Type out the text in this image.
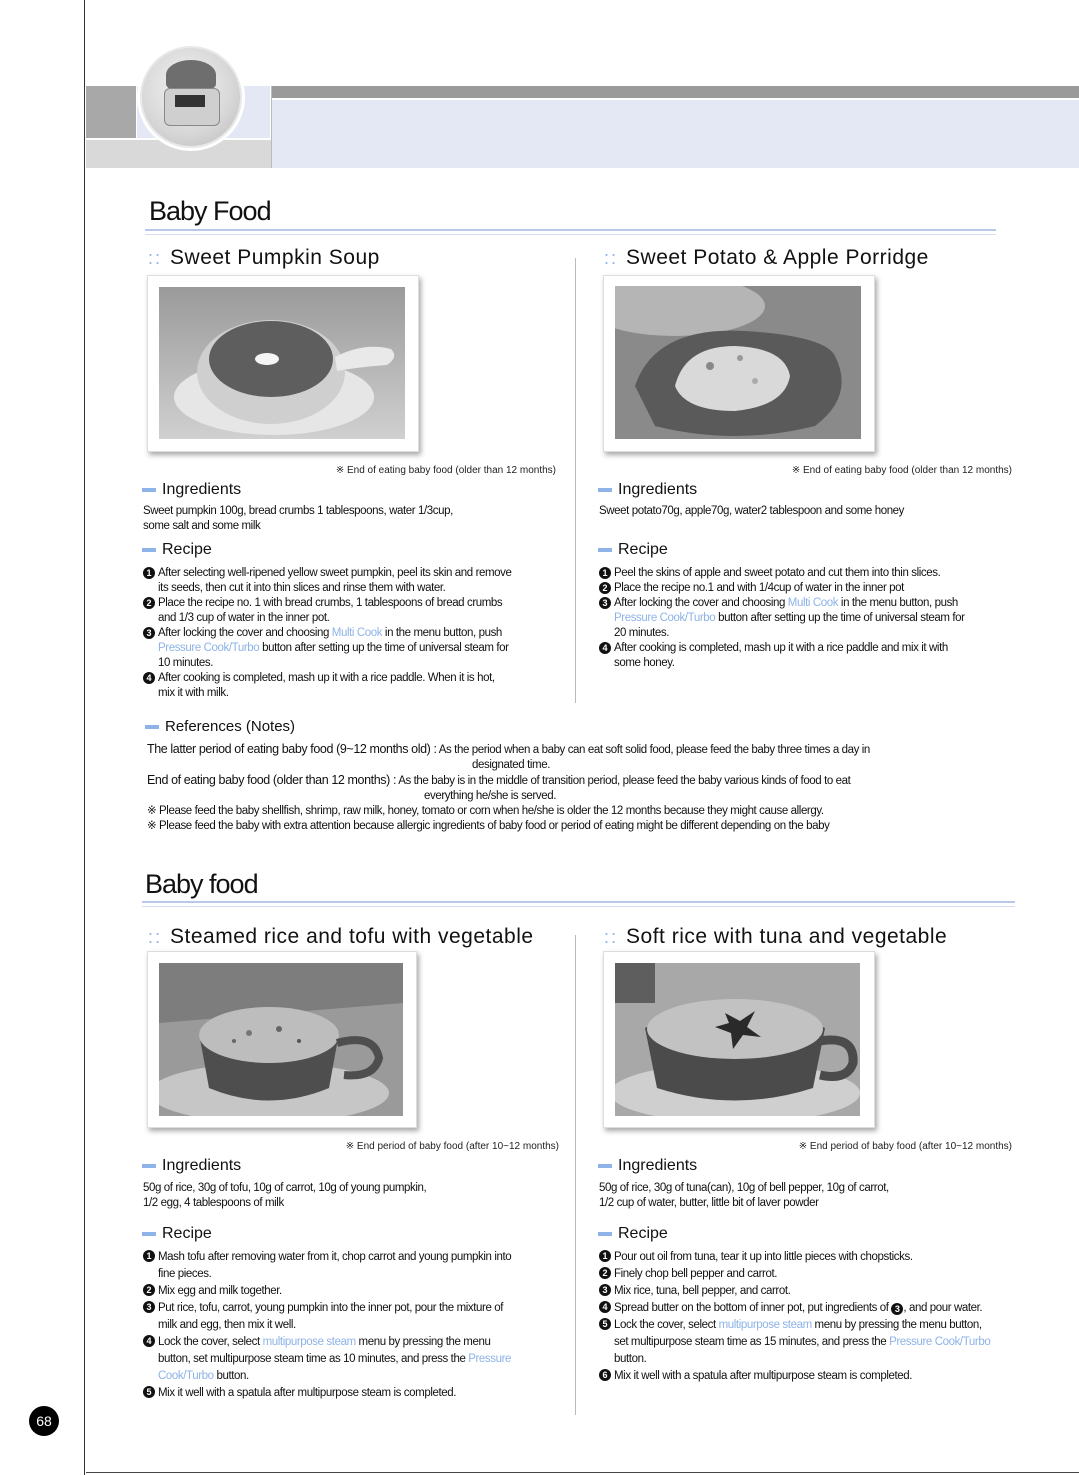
Baby Food
:: Sweet Pumpkin Soup
※ End of eating baby food (older than 12 months)
Ingredients
Sweet pumpkin 100g, bread crumbs 1 tablespoons, water 1/3cup,
some salt and some milk
Recipe
1 After selecting well-ripened yellow sweet pumpkin, peel its skin and remove
its seeds, then cut it into thin slices and rinse them with water.
2 Place the recipe no. 1 with bread crumbs, 1 tablespoons of bread crumbs
and 1/3 cup of water in the inner pot.
3 After locking the cover and choosing Multi Cook in the menu button, push
Pressure Cook/Turbo button after setting up the time of universal steam for
10 minutes.
4 After cooking is completed, mash up it with a rice paddle. When it is hot,
mix it with milk.
:: Sweet Potato & Apple Porridge
※ End of eating baby food (older than 12 months)
Ingredients
Sweet potato70g, apple70g, water2 tablespoon and some honey
Recipe
1 Peel the skins of apple and sweet potato and cut them into thin slices.
2 Place the recipe no.1 and with 1/4cup of water in the inner pot
3 After locking the cover and choosing Multi Cook in the menu button, push
Pressure Cook/Turbo button after setting up the time of universal steam for
20 minutes.
4 After cooking is completed, mash up it with a rice paddle and mix it with
some honey.
References (Notes)
The latter period of eating baby food (9~12 months old) : As the period when a baby can eat soft solid food, please feed the baby three times a day in
designated time.
End of eating baby food (older than 12 months) : As the baby is in the middle of transition period, please feed the baby various kinds of food to eat
everything he/she is served.
※ Please feed the baby shellfish, shrimp, raw milk, honey, tomato or corn when he/she is older the 12 months because they might cause allergy.
※ Please feed the baby with extra attention because allergic ingredients of baby food or period of eating might be different depending on the baby
Baby food
:: Steamed rice and tofu with vegetable
※ End period of baby food (after 10~12 months)
Ingredients
50g of rice, 30g of tofu, 10g of carrot, 10g of young pumpkin,
1/2 egg, 4 tablespoons of milk
Recipe
1 Mash tofu after removing water from it, chop carrot and young pumpkin into
fine pieces.
2 Mix egg and milk together.
3 Put rice, tofu, carrot, young pumpkin into the inner pot, pour the mixture of
milk and egg, then mix it well.
4 Lock the cover, select multipurpose steam menu by pressing the menu
button, set multipurpose steam time as 10 minutes, and press the Pressure
Cook/Turbo button.
5 Mix it well with a spatula after multipurpose steam is completed.
:: Soft rice with tuna and vegetable
※ End period of baby food (after 10~12 months)
Ingredients
50g of rice, 30g of tuna(can), 10g of bell pepper, 10g of carrot,
1/2 cup of water, butter, little bit of laver powder
Recipe
1 Pour out oil from tuna, tear it up into little pieces with chopsticks.
2 Finely chop bell pepper and carrot.
3 Mix rice, tuna, bell pepper, and carrot.
4 Spread butter on the bottom of inner pot, put ingredients of 3 , and pour water.
5 Lock the cover, select multipurpose steam menu by pressing the menu button,
set multipurpose steam time as 15 minutes, and press the Pressure Cook/Turbo
button.
6 Mix it well with a spatula after multipurpose steam is completed.
68
